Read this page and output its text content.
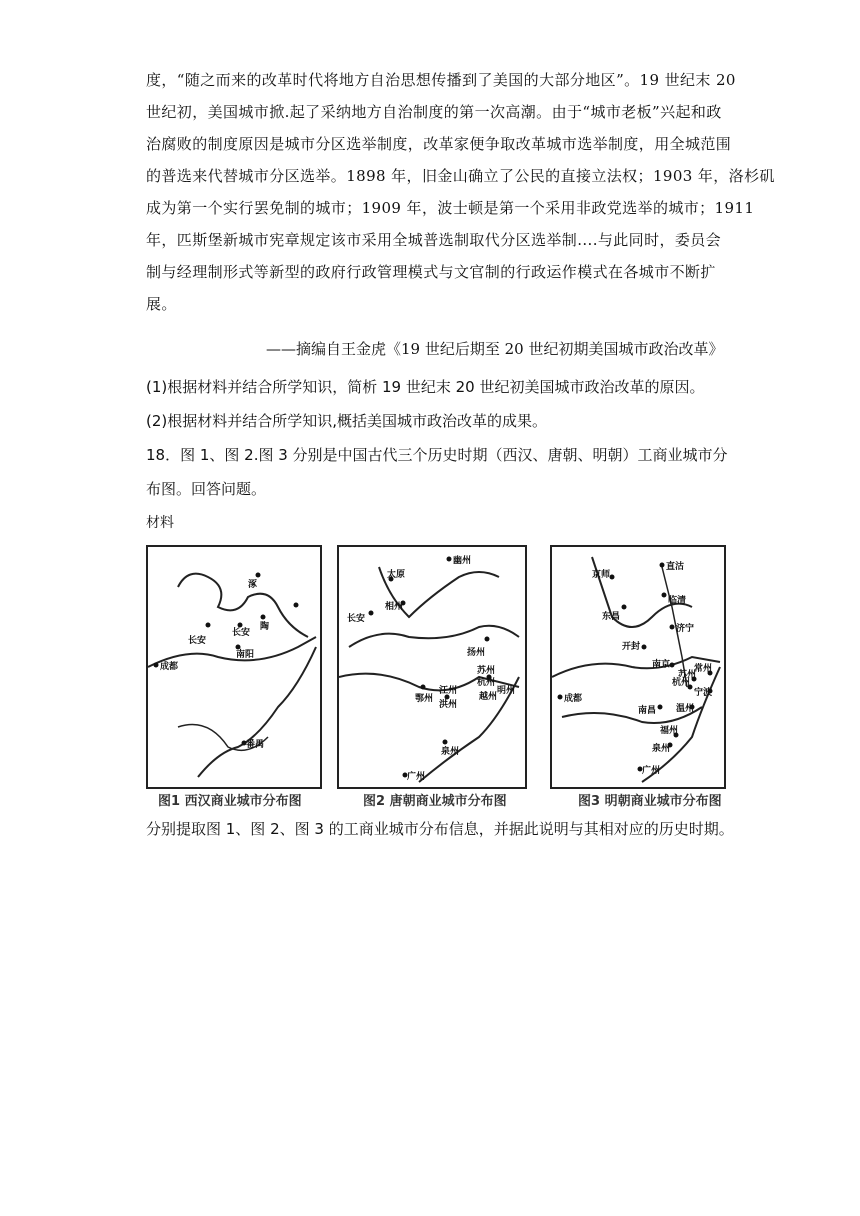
度，“随之而来的改革时代将地方自治思想传播到了美国的大部分地区”。19 世纪末 20
世纪初，美国城市掀.起了采纳地方自治制度的第一次高潮。由于“城市老板”兴起和政
治腐败的制度原因是城市分区选举制度，改革家便争取改革城市选举制度，用全城范围
的普选来代替城市分区选举。1898 年，旧金山确立了公民的直接立法权；1903 年，洛杉矶
成为第一个实行罢免制的城市；1909 年，波士顿是第一个采用非政党选举的城市；1911
年，匹斯堡新城市宪章规定该市采用全城普选制取代分区选举制....与此同时，委员会
制与经理制形式等新型的政府行政管理模式与文官制的行政运作模式在各城市不断扩
展。
——摘编自王金虎《19 世纪后期至 20 世纪初期美国城市政治改革》
(1)根据材料并结合所学知识，简析 19 世纪末 20 世纪初美国城市政治改革的原因。
(2)根据材料并结合所学知识,概括美国城市政治改革的成果。
18．图 1、图 2.图 3 分别是中国古代三个历史时期（西汉、唐朝、明朝）工商业城市分
布图。回答问题。
材料
涿
长安
长安
陶
南阳
成都
番禺
幽州
太原
相州
长安
扬州
苏州
杭州
明州
越州
鄂州
江州
洪州
泉州
广州
京师
直沽
东昌
临清
济宁
开封
南京	常州
杭州
苏州
宁波
温州
成都
南昌
福州
泉州
广州
图1 西汉商业城市分布图	图2 唐朝商业城市分布图	图3 明朝商业城市分布图
分别提取图 1、图 2、图 3 的工商业城市分布信息，并据此说明与其相对应的历史时期。
